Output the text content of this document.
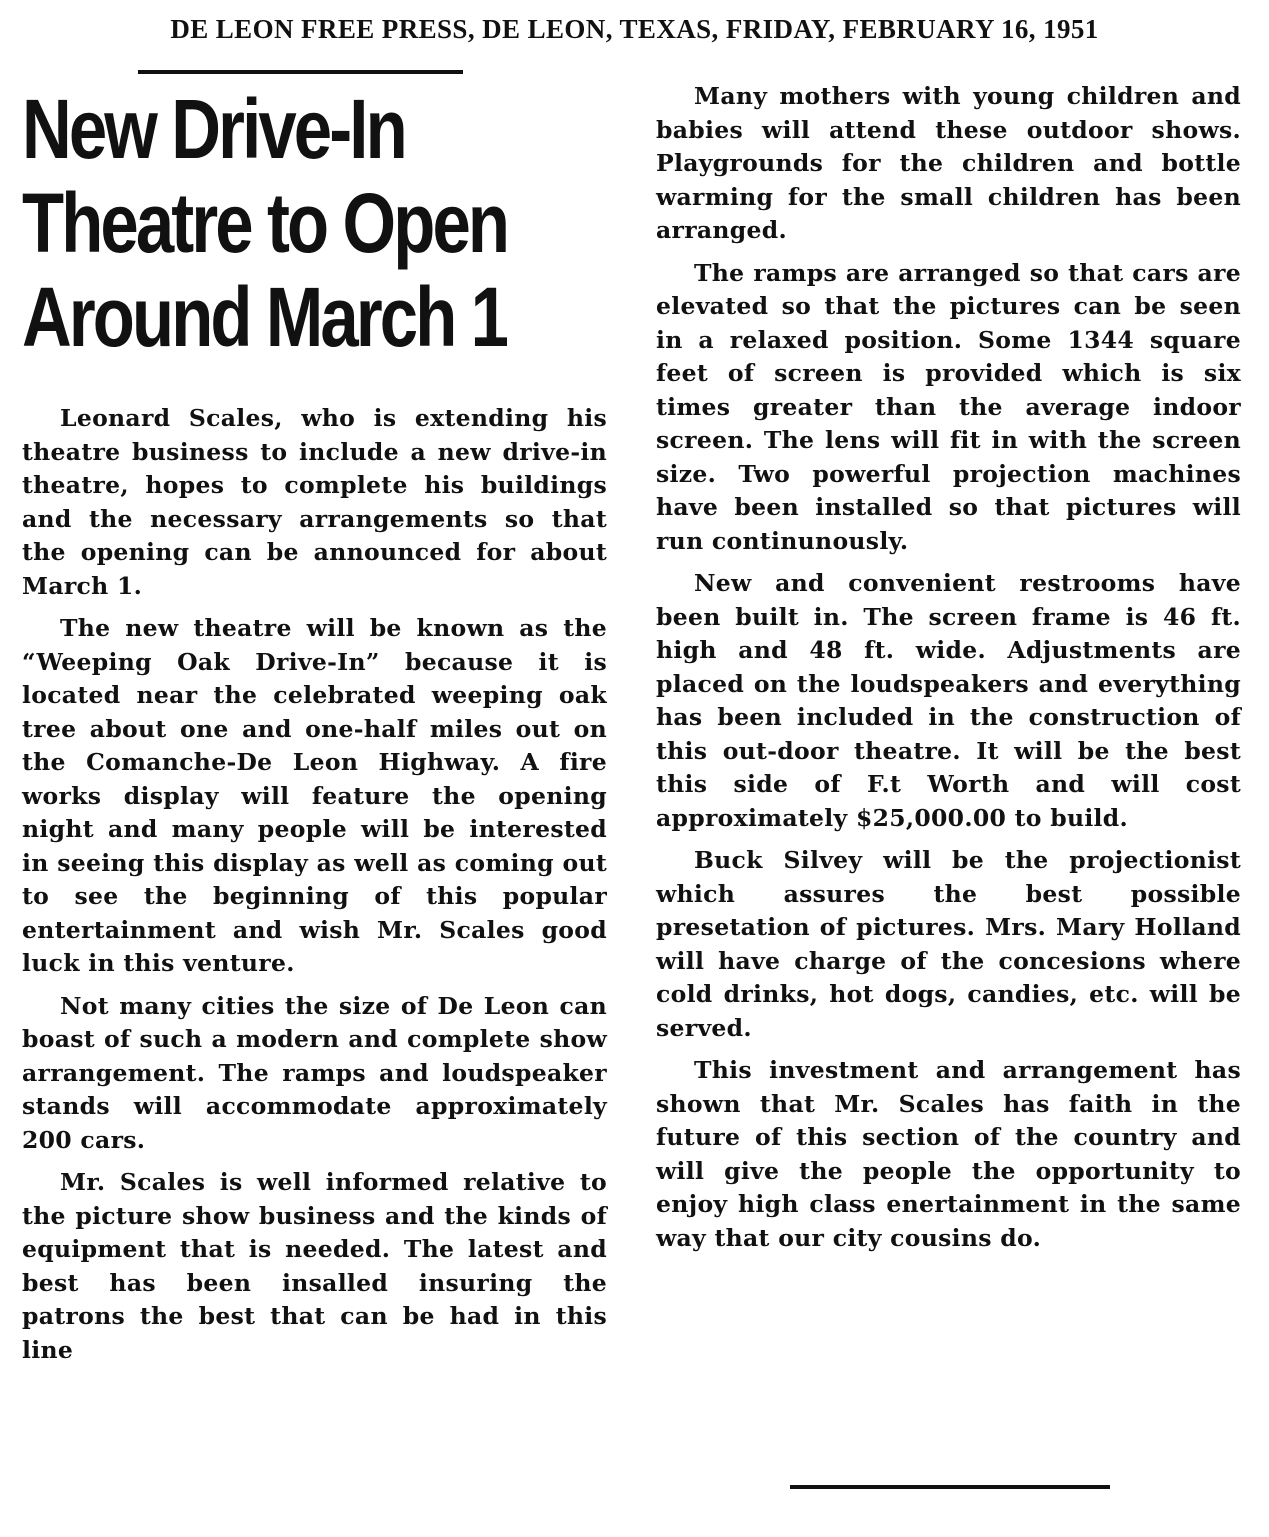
DE LEON FREE PRESS, DE LEON, TEXAS, FRIDAY, FEBRUARY 16, 1951
New Drive-In
Theatre to Open
Around March 1

Leonard Scales, who is extending his theatre business to include a new drive-in theatre, hopes to complete his buildings and the necessary arrangements so that the opening can be announced for about March 1.

The new theatre will be known as the “Weeping Oak Drive-In” because it is located near the celebrated weeping oak tree about one and one-half miles out on the Comanche-De Leon Highway. A fire works display will feature the opening night and many people will be interested in seeing this display as well as coming out to see the beginning of this popular entertainment and wish Mr. Scales good luck in this venture.

Not many cities the size of De Leon can boast of such a modern and complete show arrangement. The ramps and loudspeaker stands will accommodate approximately 200 cars.

Mr. Scales is well informed relative to the picture show business and the kinds of equipment that is needed. The latest and best has been insalled insuring the patrons the best that can be had in this line

Many mothers with young children and babies will attend these outdoor shows. Playgrounds for the children and bottle warming for the small children has been arranged.

The ramps are arranged so that cars are elevated so that the pictures can be seen in a relaxed position. Some 1344 square feet of screen is provided which is six times greater than the average indoor screen. The lens will fit in with the screen size. Two powerful projection machines have been installed so that pictures will run continunously.

New and convenient restrooms have been built in. The screen frame is 46 ft. high and 48 ft. wide. Adjustments are placed on the loudspeakers and everything has been included in the construction of this out-door theatre. It will be the best this side of F.t Worth and will cost approximately $25,000.00 to build.

Buck Silvey will be the projectionist which assures the best possible presetation of pictures. Mrs. Mary Holland will have charge of the concesions where cold drinks, hot dogs, candies, etc. will be served.

This investment and arrangement has shown that Mr. Scales has faith in the future of this section of the country and will give the people the opportunity to enjoy high class enertainment in the same way that our city cousins do.
